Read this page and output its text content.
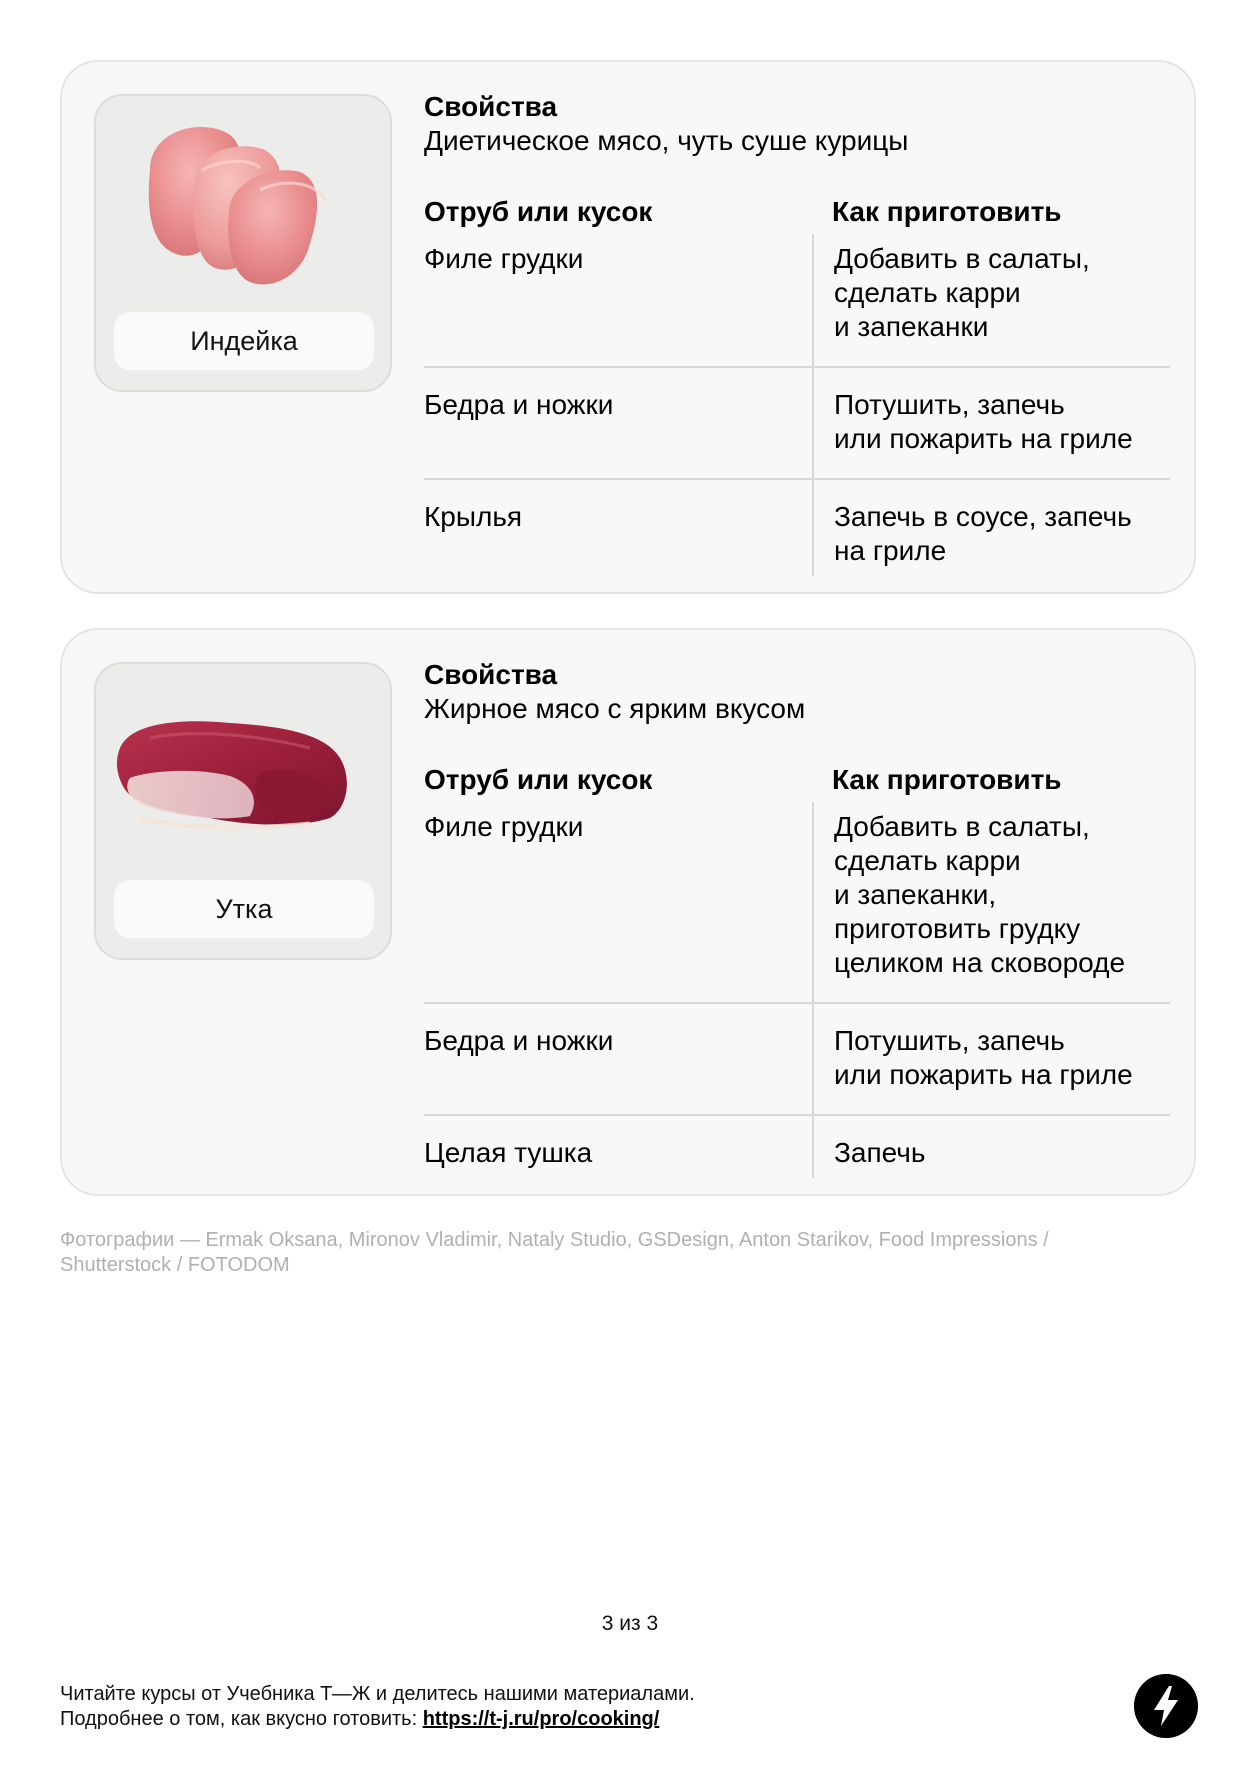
Индейка
Свойства
Диетическое мясо, чуть суше курицы
Отруб или кусок	Как приготовить
Филе грудки	Добавить в салаты,
сделать карри
и запеканки
Бедра и ножки	Потушить, запечь
или пожарить на гриле
Крылья	Запечь в соусе, запечь
на гриле
Утка
Свойства
Жирное мясо с ярким вкусом
Отруб или кусок	Как приготовить
Филе грудки	Добавить в салаты,
сделать карри
и запеканки,
приготовить грудку
целиком на сковороде
Бедра и ножки	Потушить, запечь
или пожарить на гриле
Целая тушка	Запечь
Фотографии — Ermak Oksana, Mironov Vladimir, Nataly Studio, GSDesign, Anton Starikov, Food Impressions / Shutterstock / FOTODOM
3 из 3
Читайте курсы от Учебника Т—Ж и делитесь нашими материалами.
Подробнее о том, как вкусно готовить: https://t-j.ru/pro/cooking/
